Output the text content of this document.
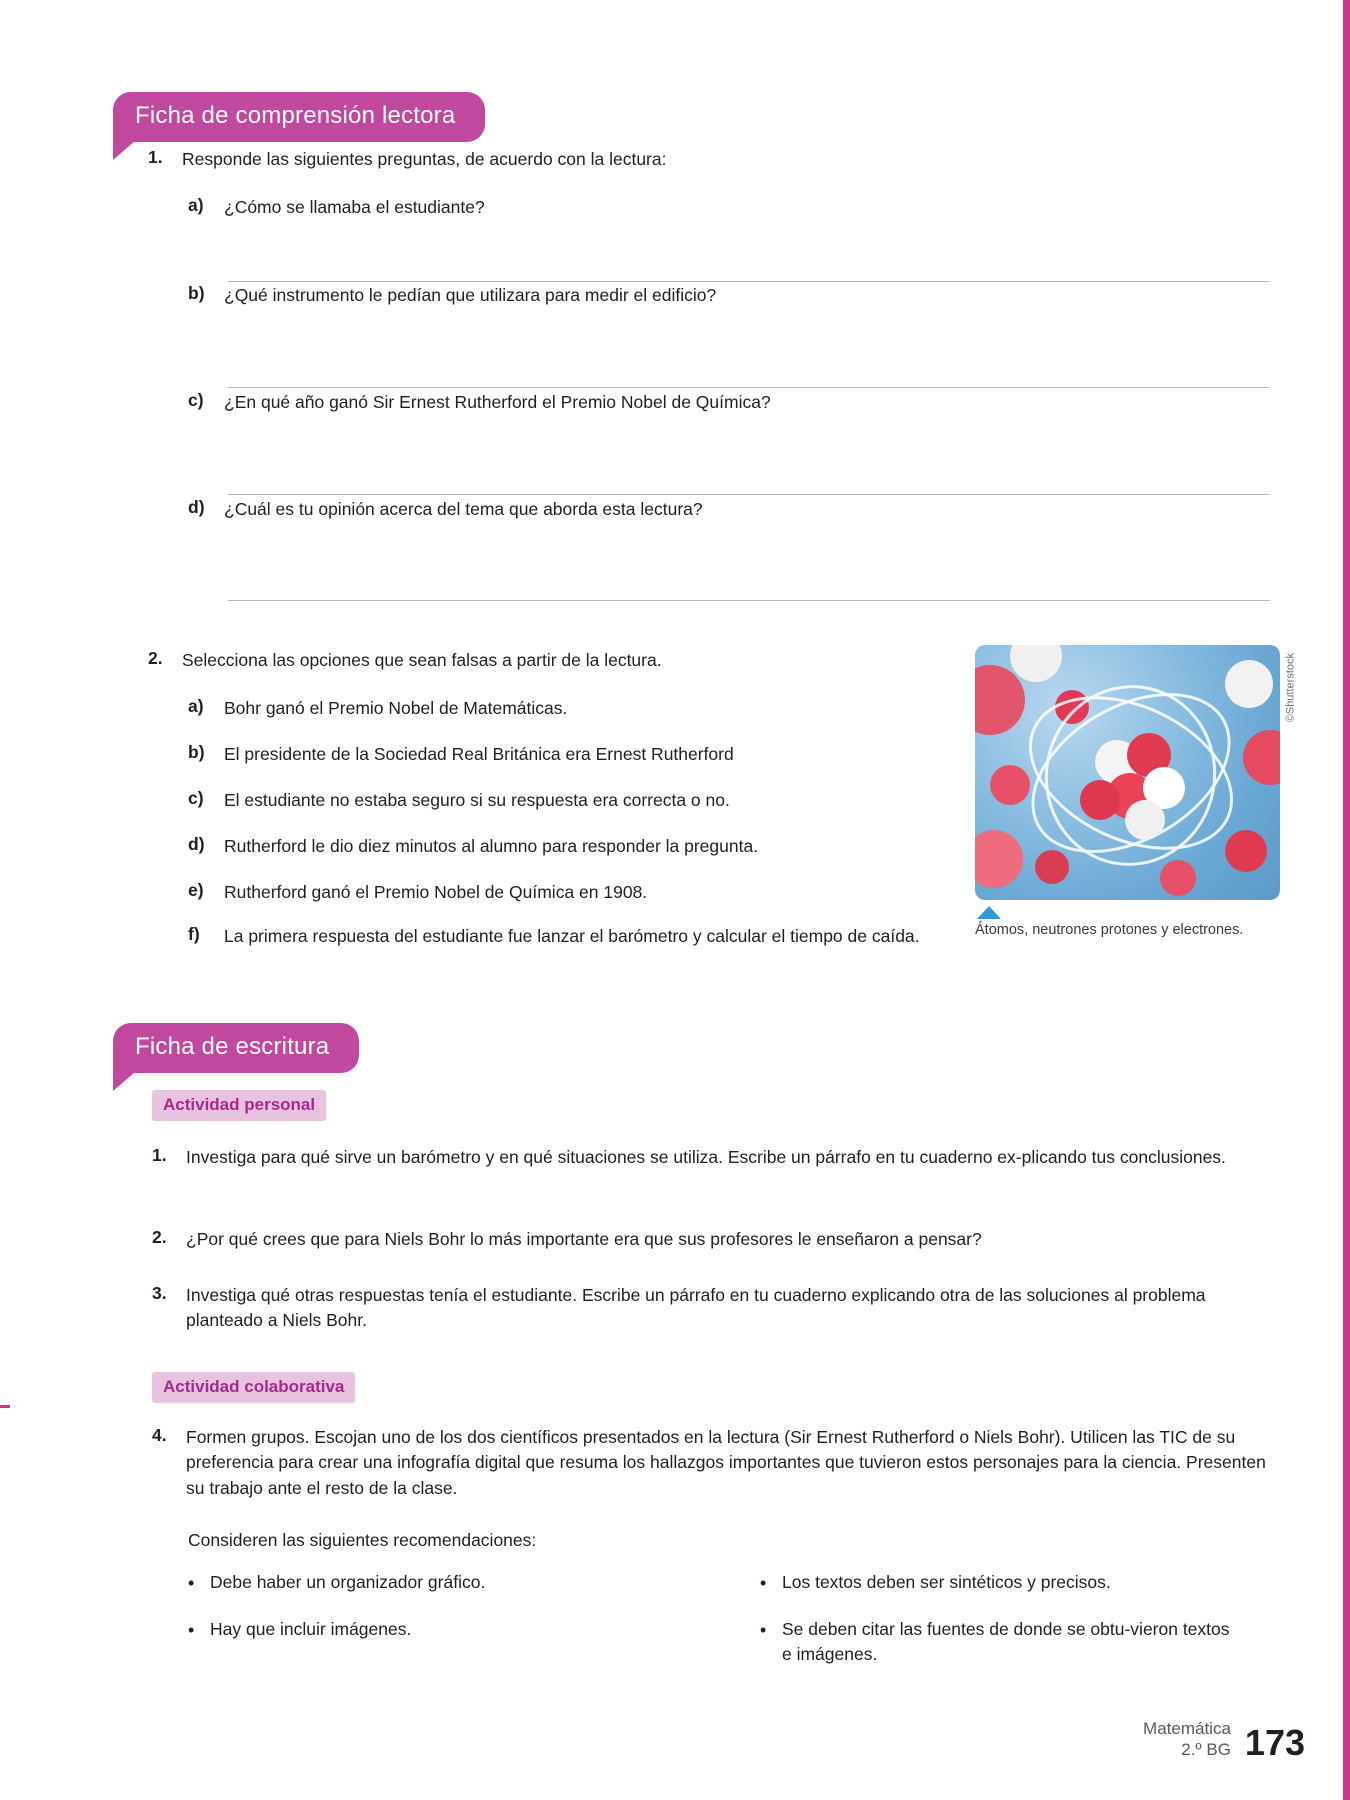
Ficha de comprensión lectora
1.	Responde las siguientes preguntas, de acuerdo con la lectura:
a)	¿Cómo se llamaba el estudiante?
b)	¿Qué instrumento le pedían que utilizara para medir el edificio?
c)	¿En qué año ganó Sir Ernest Rutherford el Premio Nobel de Química?
d)	¿Cuál es tu opinión acerca del tema que aborda esta lectura?
2.	Selecciona las opciones que sean falsas a partir de la lectura.
a)	Bohr ganó el Premio Nobel de Matemáticas.
b)	El presidente de la Sociedad Real Británica era Ernest Rutherford
c)	El estudiante no estaba seguro si su respuesta era correcta o no.
d)	Rutherford le dio diez minutos al alumno para responder la pregunta.
e)	Rutherford ganó el Premio Nobel de Química en 1908.
f)	La primera respuesta del estudiante fue lanzar el barómetro y calcular el tiempo de caída.
©Shutterstock
Átomos, neutrones protones y electrones.
Ficha de escritura
Actividad personal
1.	Investiga para qué sirve un barómetro y en qué situaciones se utiliza. Escribe un párrafo en tu cuaderno ex-plicando tus conclusiones.
2.	¿Por qué crees que para Niels Bohr lo más importante era que sus profesores le enseñaron a pensar?
3.	Investiga qué otras respuestas tenía el estudiante. Escribe un párrafo en tu cuaderno explicando otra de las soluciones al problema planteado a Niels Bohr.
Actividad colaborativa
4.	Formen grupos. Escojan uno de los dos científicos presentados en la lectura (Sir Ernest Rutherford o Niels Bohr). Utilicen las TIC de su preferencia para crear una infografía digital que resuma los hallazgos importantes que tuvieron estos personajes para la ciencia. Presenten su trabajo ante el resto de la clase.
Consideren las siguientes recomendaciones:
• Debe haber un organizador gráfico.
• Hay que incluir imágenes.
• Los textos deben ser sintéticos y precisos.
• Se deben citar las fuentes de donde se obtu-vieron textos e imágenes.
Matemática
2.º BG 173
